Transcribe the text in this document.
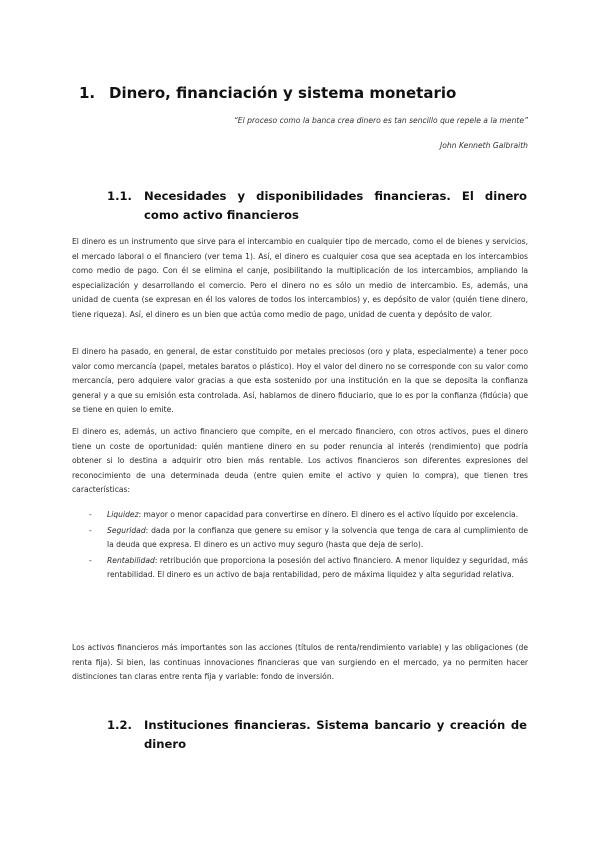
1. Dinero, financiación y sistema monetario
“El proceso como la banca crea dinero es tan sencillo que repele a la mente”
John Kenneth Galbraith
1.1. Necesidades y disponibilidades financieras. El dinero como activo financieros
El dinero es un instrumento que sirve para el intercambio en cualquier tipo de mercado, como el de bienes y servicios, el mercado laboral o el financiero (ver tema 1). Así, el dinero es cualquier cosa que sea aceptada en los intercambios como medio de pago. Con él se elimina el canje, posibilitando la multiplicación de los intercambios, ampliando la especialización y desarrollando el comercio. Pero el dinero no es sólo un medio de intercambio. Es, además, una unidad de cuenta (se expresan en él los valores de todos los intercambios) y, es depósito de valor (quién tiene dinero, tiene riqueza). Así, el dinero es un bien que actúa como medio de pago, unidad de cuenta y depósito de valor.
El dinero ha pasado, en general, de estar constituido por metales preciosos (oro y plata, especialmente) a tener poco valor como mercancía (papel, metales baratos o plástico). Hoy el valor del dinero no se corresponde con su valor como mercancía, pero adquiere valor gracias a que esta sostenido por una institución en la que se deposita la confianza general y a que su emisión esta controlada. Así, hablamos de dinero fiduciario, que lo es por la confianza (fidúcia) que se tiene en quien lo emite.
El dinero es, además, un activo financiero que compite, en el mercado financiero, con otros activos, pues el dinero tiene un coste de oportunidad: quién mantiene dinero en su poder renuncia al interés (rendimiento) que podría obtener si lo destina a adquirir otro bien más rentable. Los activos financieros son diferentes expresiones del reconocimiento de una determinada deuda (entre quien emite el activo y quien lo compra), que tienen tres características:
- Liquidez: mayor o menor capacidad para convertirse en dinero. El dinero es el activo líquido por excelencia.
- Seguridad: dada por la confianza que genere su emisor y la solvencia que tenga de cara al cumplimiento de la deuda que expresa. El dinero es un activo muy seguro (hasta que deja de serlo).
- Rentabilidad: retribución que proporciona la posesión del activo financiero. A menor liquidez y seguridad, más rentabilidad. El dinero es un activo de baja rentabilidad, pero de máxima liquidez y alta seguridad relativa.
Los activos financieros más importantes son las acciones (títulos de renta/rendimiento variable) y las obligaciones (de renta fija). Si bien, las continuas innovaciones financieras que van surgiendo en el mercado, ya no permiten hacer distinciones tan claras entre renta fija y variable: fondo de inversión.
1.2. Instituciones financieras. Sistema bancario y creación de dinero
